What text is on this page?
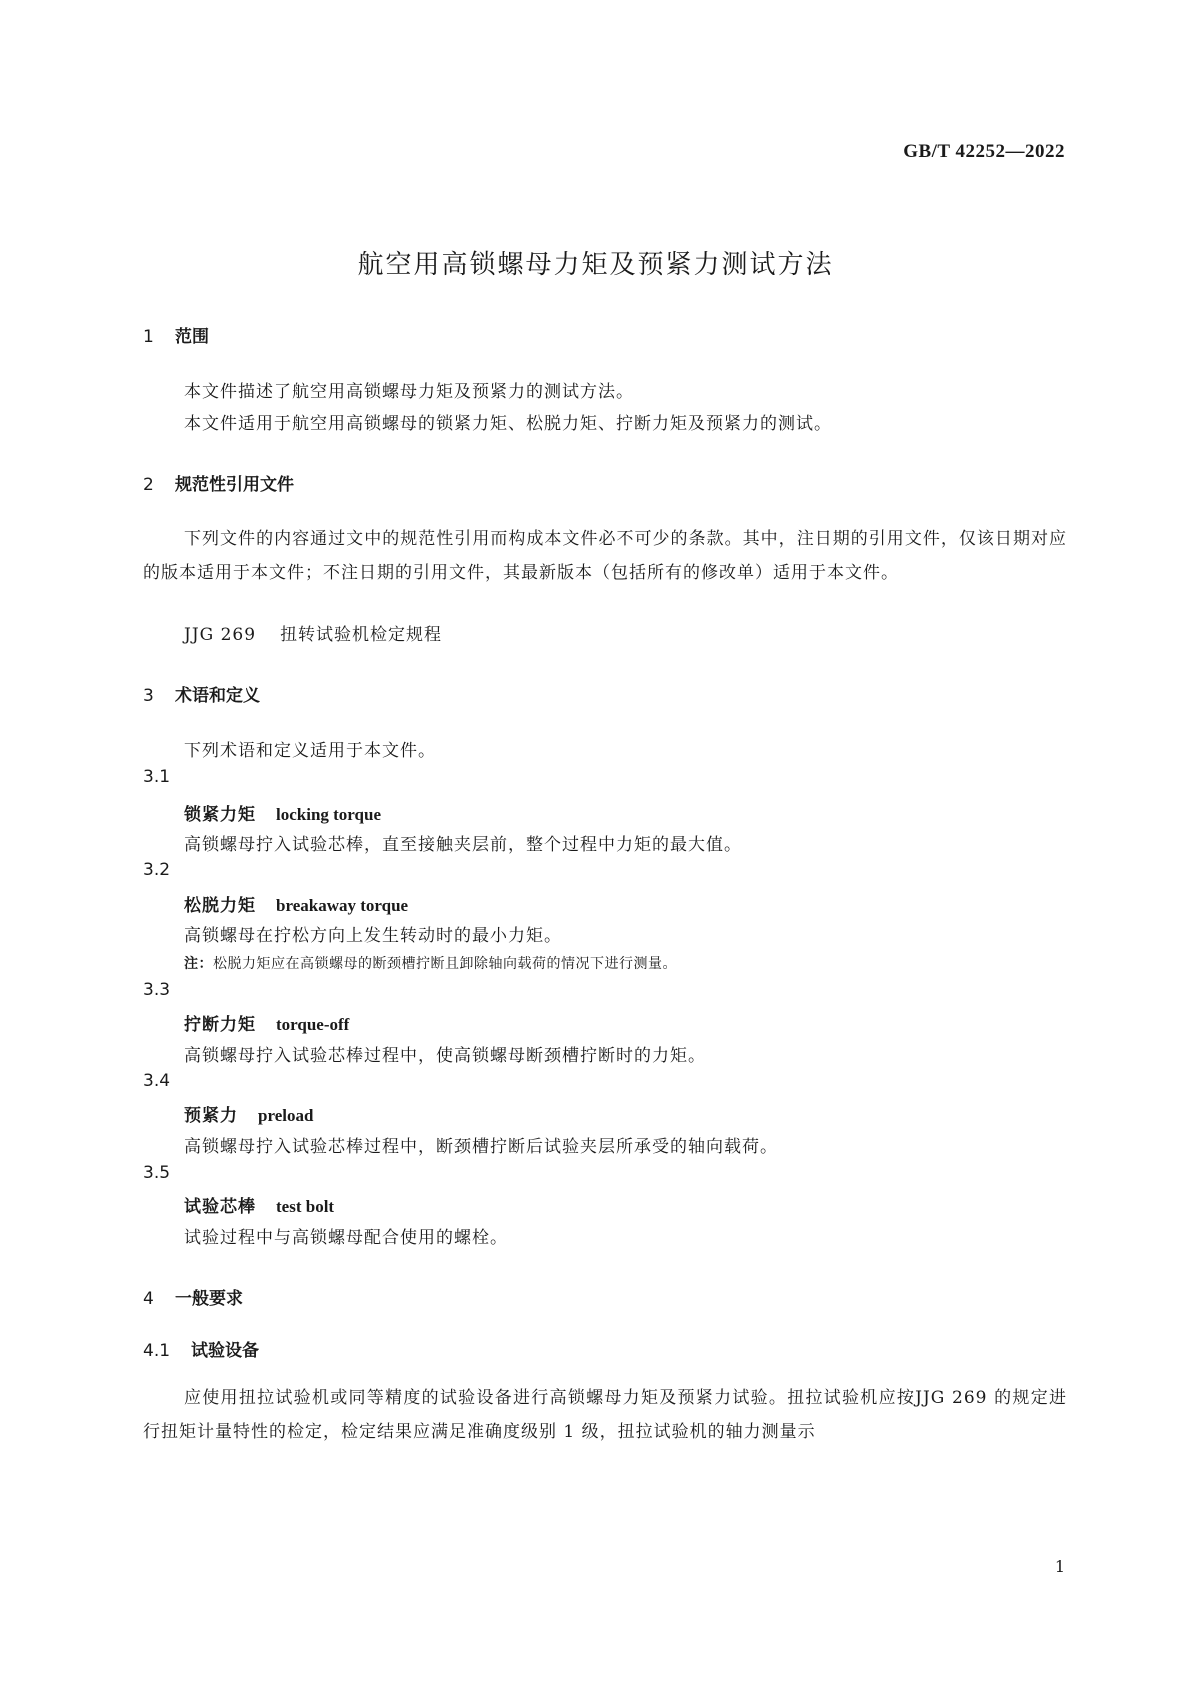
GB/T 42252—2022
航空用高锁螺母力矩及预紧力测试方法
1 范围
本文件描述了航空用高锁螺母力矩及预紧力的测试方法。
本文件适用于航空用高锁螺母的锁紧力矩、松脱力矩、拧断力矩及预紧力的测试。
2 规范性引用文件

下列文件的内容通过文中的规范性引用而构成本文件必不可少的条款。其中，注日期的引用文件，仅该日期对应的版本适用于本文件；不注日期的引用文件，其最新版本（包括所有的修改单）适用于本文件。

JJG 269 扭转试验机检定规程
3 术语和定义
下列术语和定义适用于本文件。
3.1
锁紧力矩 locking torque
高锁螺母拧入试验芯棒，直至接触夹层前，整个过程中力矩的最大值。
3.2
松脱力矩 breakaway torque
高锁螺母在拧松方向上发生转动时的最小力矩。
注：松脱力矩应在高锁螺母的断颈槽拧断且卸除轴向载荷的情况下进行测量。
3.3
拧断力矩 torque-off
高锁螺母拧入试验芯棒过程中，使高锁螺母断颈槽拧断时的力矩。
3.4
预紧力 preload
高锁螺母拧入试验芯棒过程中，断颈槽拧断后试验夹层所承受的轴向载荷。
3.5
试验芯棒 test bolt
试验过程中与高锁螺母配合使用的螺栓。
4 一般要求
4.1 试验设备

应使用扭拉试验机或同等精度的试验设备进行高锁螺母力矩及预紧力试验。扭拉试验机应按JJG 269 的规定进行扭矩计量特性的检定，检定结果应满足准确度级别 1 级，扭拉试验机的轴力测量示

1
